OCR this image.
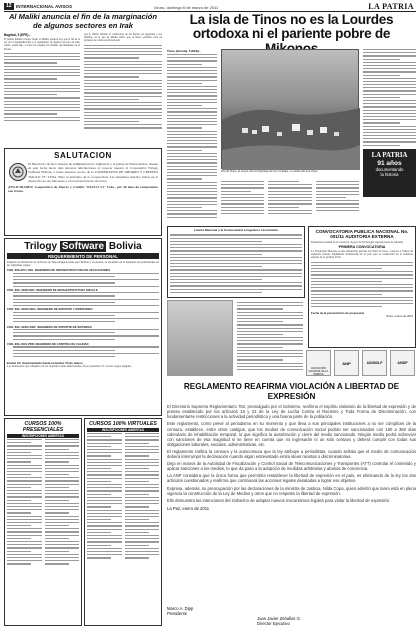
12 INTERNACIONAL AVISOS	Oruro, domingo 6 de marzo de 2011	LA PATRIA
Al Maliki anuncia el fin de la marginación de algunos sectores en Irak
Bagdad, 5 (EFE).-
El primer ministro iraquí, Nouri al Maliki, anunció hoy que el fin de la era de la marginalización y el aislamiento de algunos sectores en Irak, dando, según dijo, a todos los iraquíes las mismas oportunidades en el Estado.
Asi lo afirmó durante la conferencia de las fuerzas de seguridad y sus familias, en la que Al Maliki indicó que el nuevo gobierno será un gobierno de colaboración nacional.
La isla de Tinos no es la Lourdes ortodoxa ni el pariente pobre de
Tinos (Grecia), 5 (EFE).-
LA PATRIA
91 años
documentando
la historia
Isla de Tinos, la mayor del archipiélago de las Cícladas, en medio del mar Egeo.
SALUTACION
El Directorio de las Consejos de Administración, Vigilancia y la planta de Funcionarios, desean en esta fecha hacer más sinceras felicitaciones al conocer nuestra al Cooperativa Trilogy Software Bolivia, a todos nuestros socios de la COOPERATIVA DE AHORRO Y CREDITO "PAULO VI" LTDA. Bajo el principio de la cooperación. Les deseamos muchos éxitos en el desarrollo de sus funciones y en la prestación de servicios.
¡FELICIDADES! Cooperativa de Ahorro y Crédito "PAULO VI" Ltda., por 48 años de compromiso con Oruro.
Trilogy Software Bolivia
REQUERIMIENTO DE PERSONAL
Empresa de Desarrollo de Software de Telecomunicaciones para Bolivia y el exterior, se encuentra en la búsqueda de profesionales en los siguientes cargos:
COD. INS.APLI: ING. INGENIERO DE INFRAESTRUCTURA DE APLICACIONES
COD. ING. SERV-ING: INGENIERO DE INFRAESTRUCTURA ORACLE
COD. ING. SERV-SEG: INGENIERO DE SOPORTE Y MONITOREO
COD. ING. SERV-SSD: INGENIERO DE SOPORTE DE SISTEMAS
COD. ING. DES-PRD: INGENIERO DE CONTROL DE CALIDAD
Enviar CV documentado hasta el martes 15 de marzo
Los interesados que cumplan con los requisitos antes mencionados, favor presentar CV con los cargos elegidos.
CURSOS 100% PRESENCIALES
INSCRIPCIONES ABIERTAS
CURSOS 100% VIRTUALES
INSCRIPCIONES ABIERTAS
Lotería Nacional y la Convocatoria a Ingeniero Licenciados	CONVOCATORIA PUBLICA NACIONAL No. 001/11 AUDITORIA EXTERNA
Fundación Gestión de la Gerencia, Apoyo de Tecnología Agropecuaria de Morales
PRIMERA CONVOCATORIA
La Fundación Morales es una institución privada sin fines de lucro, convoca a firmas de auditoría externa legalmente establecidas en el país para la realización de la auditoría externa de la gestión 2010.
Fecha de la presentación de propuestas
Oruro, marzo de 2011
ASOCIACIÓN NACIONAL DE LA PRENSA
ANP	ASOBOLP	ANDP
REGLAMENTO REAFIRMA VIOLACIÓN A LIBERTAD DE EXPRESIÓN
El Directorio Supremo Reglamentario 762, promulgado por el Gobierno, reafirma el espíritu violatorio de la libertad de expresión y de prensa establecido por los artículos 16 y 23 de la Ley de Lucha Contra el Racismo y Toda Forma de Discriminación, con fundamentarse restricciones a la actividad periodística y una buena parte de la población.
Este reglamento, como prevé al periodismo en su momento y que lleva a sus principales instituciones a no ser cómplices de la censura, establece, entre otros castigos, que los medios de comunicación social podrán ser sancionados con 150 a 360 días calendario de inhabilitación temporal, lo que significa la autorización y cierre del medio sancionado. Ningún medio podrá sobrevivir con sanciones de esa magnitud si se tiene en cuenta que no ingresarán ni un solo centavo y deberá cumplir con todas sus obligaciones laborales, sociales, administrativas, etc.
El reglamento ratifica la censura y la autocensura que la ley atribuye a periodistas, cuando señala que el medio de comunicación deberá interrumpir la declaración cuando algún entrevistado emita ideas racistas o discriminatorias.
Deja en manos de la Autoridad de Fiscalización y Control Social de Telecomunicaciones y Transportes (ATT) controlar el contenido y aplicar sanciones a los medios, lo que da paso a la adopción de medidas arbitrarias y abusos de conciencia.
La ANP considera que la única forma que permitiría restablecer la libertad de expresión en el país, es eliminando de la ley los dos artículos cuestionados y reafirma que continuará las acciones legales desatadas a lograr ese objetivo.
Expresa, además, su preocupación por las declaraciones de la ministra de Justicia, Nilda Copa, quien advirtió que tarea está en plena vigencia la construcción de la Ley de Medios y otros que no respeten la libertad de expresión.
Ello demuestra las intenciones del Gobierno de adoptar nuevos mecanismos legales para violar la libertad de expresión.
La Paz, enero de 2011
Marco A. Dipp
Presidente
Juan Javier Zeballos G.
Director Ejecutivo
